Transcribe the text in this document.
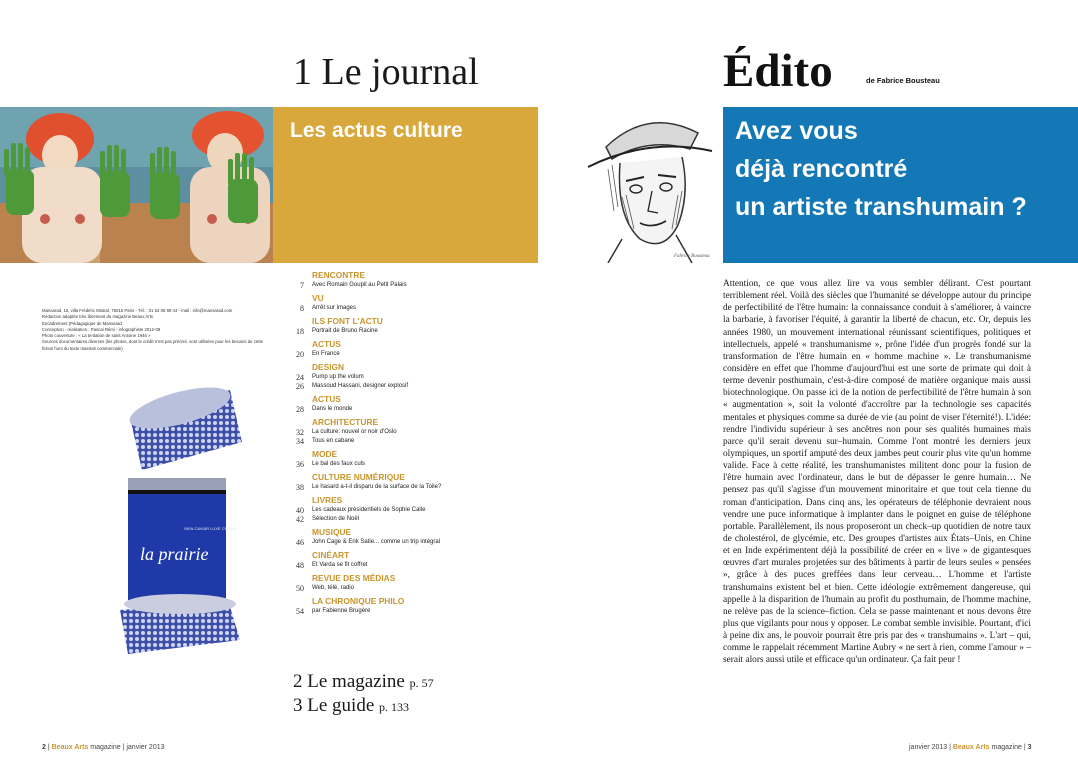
1 Le journal
Les actus culture
Mansarad, 16, villa Frédéric Mistral, 75015 Paris - Tél. : 01 53 08 89 44 - mail : info@mansarad.com
Rédaction adaptée très librement du magazine Beaux Arts
Encadrement (Pédagogique de Mansarad
Conception - réalisation : Pascal Rémi - infographiste 2012-09
Photo couverture : « La tentation de saint Antoine 1946 »
Sources documentaires diverses (les photos, dont le crédit n'est pas précisé, sont utilisées pour les besoins de cette fiction hors du texte mastrait commerciale)
la prairie
SKIN CAVIAR LUXE CREAM
RENCONTRE
7 Avec Romain Goupil au Petit Palais
VU
8 Arrêt sur images
ILS FONT L'ACTU
18 Portrait de Bruno Racine
ACTUS
20 En France
DESIGN
24 Pump up the volum
26 Massoud Hassani, designer explosif
ACTUS
28 Dans le monde
ARCHITECTURE
32 La culture: nouvel or noir d'Oslo
34 Tous en cabane
MODE
36 Le bal des faux culs
CULTURE NUMÉRIQUE
38 Le hasard a-t-il disparu de la surface de la Toile?
LIVRES
40 Les cadeaux présidentiels de Sophie Calle
42 Sélection de Noël
MUSIQUE
46 John Cage & Erik Satie... comme un trip intégral
CINÉART
48 Et Varda se fit coffret
REVUE DES MÉDIAS
50 Web, télé, radio
LA CHRONIQUE PHILO
54 par Fabienne Brugère
2 Le magazine p. 57
3 Le guide p. 133
2 | Beaux Arts magazine | janvier 2013
Édito	de Fabrice Bousteau
Fabrice Bousteau
Avez vous
déjà rencontré
un artiste transhumain ?
Attention, ce que vous allez lire va vous sembler délirant. C'est pourtant terriblement réel. Voilà des siècles que l'humanité se développe autour du principe de perfectibilité de l'être humain: la connaissance conduit à s'améliorer, à vaincre la barbarie, à favoriser l'équité, à garantir la liberté de chacun, etc. Or, depuis les années 1980, un mouvement international réunissant scientifiques, politiques et intellectuels, appelé « transhumanisme », prône l'idée d'un progrès fondé sur la transformation de l'être humain en « homme machine ». Le transhumanisme considère en effet que l'homme d'aujourd'hui est une sorte de primate qui doit à terme devenir posthumain, c'est-à-dire composé de matière organique mais aussi biotechnologique. On passe ici de la notion de perfectibilité de l'être humain à son « augmentation », soit la volonté d'accroître par la technologie ses capacités mentales et physiques comme sa durée de vie (au point de viser l'éternité!). L'idée: rendre l'individu supérieur à ses ancêtres non pour ses qualités humaines mais parce qu'il serait devenu sur–humain. Comme l'ont montré les derniers jeux olympiques, un sportif amputé des deux jambes peut courir plus vite qu'un homme valide. Face à cette réalité, les transhumanistes militent donc pour la fusion de l'être humain avec l'ordinateur, dans le but de dépasser le genre humain… Ne pensez pas qu'il s'agisse d'un mouvement minoritaire et que tout cela tienne du roman d'anticipation. Dans cinq ans, les opérateurs de téléphonie devraient nous vendre une puce informatique à implanter dans le poignet en guise de téléphone portable. Parallèlement, ils nous proposeront un check–up quotidien de notre taux de cholestérol, de glycémie, etc. Des groupes d'artistes aux États–Unis, en Chine et en Inde expérimentent déjà la possibilité de créer en « live » de gigantesques œuvres d'art murales projetées sur des bâtiments à partir de leurs seules « pensées », grâce à des puces greffées dans leur cerveau… L'homme et l'artiste transhumains existent bel et bien. Cette idéologie extrêmement dangereuse, qui appelle à la disparition de l'humain au profit du posthumain, de l'homme machine, ne relève pas de la science–fiction. Cela se passe maintenant et nous devons être plus que vigilants pour nous y opposer. Le combat semble invisible. Pourtant, d'ici à peine dix ans, le pouvoir pourrait être pris par des « transhumains ». L'art – qui, comme le rappelait récemment Martine Aubry « ne sert à rien, comme l'amour » – serait alors aussi utile et efficace qu'un ordinateur. Ça fait peur !
janvier 2013 | Beaux Arts magazine | 3
